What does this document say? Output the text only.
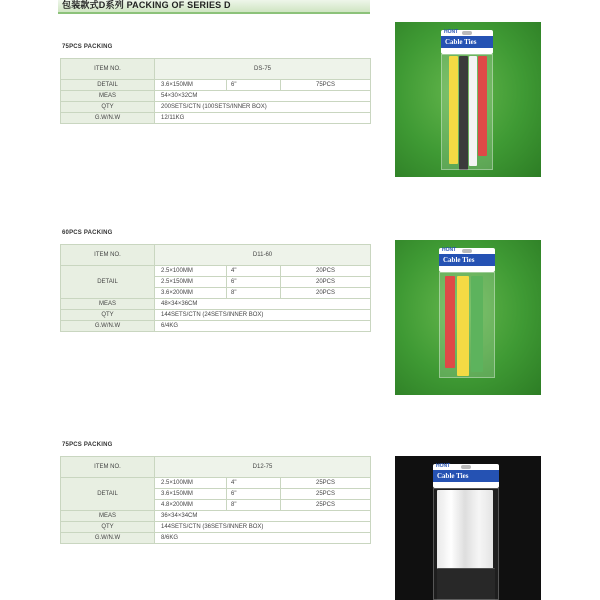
包装款式D系列 PACKING OF SERIES D
75PCS PACKING
ITEM NO.	DS-75		
DETAIL	3.6×150MM	6"	75PCS
MEAS	54×30×32CM		
QTY	200SETS/CTN (100SETS/INNER BOX)		
G.W/N.W	12/11KG		
HONT
Cable Ties
60PCS PACKING
ITEM NO.	D11-60		
DETAIL	2.5×100MM	4"	20PCS
	2.5×150MM	6"	20PCS
	3.6×200MM	8"	20PCS
MEAS	48×34×36CM		
QTY	144SETS/CTN (24SETS/INNER BOX)		
G.W/N.W	6/4KG		
HONT
Cable Ties
75PCS PACKING
ITEM NO.	D12-75		
DETAIL	2.5×100MM	4"	25PCS
	3.6×150MM	6"	25PCS
	4.8×200MM	8"	25PCS
MEAS	36×34×34CM		
QTY	144SETS/CTN (36SETS/INNER BOX)		
G.W/N.W	8/6KG		
HONT
Cable Ties
